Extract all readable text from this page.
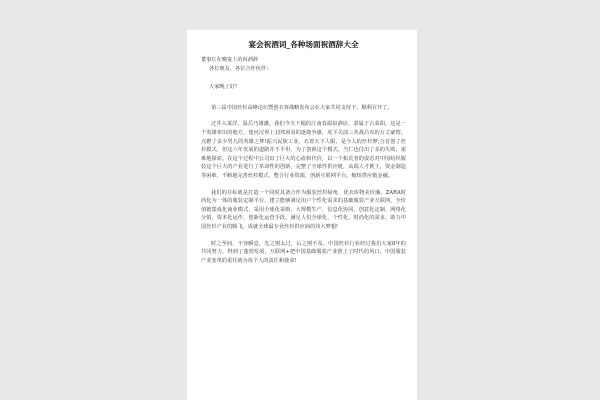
宴会祝酒词_各种场面祝酒辞大全
董事长在晚宴上的祝酒辞
各位朋友、各位合作伙伴：
大家晚上好!

第三届中国丝杉高峰论坛暨创衣客战略发布会在大家共同支持下，顺利召开了。

迁井入菜洋，温岳乃雄藩。我们今天下榻的江南春温泉酒店，隶属于古菜阳，这是一个英雄辈出的地方，楚河汉界上刘邦项羽的逐鹿争雄，虎平关前三英战吕布的万丈豪情，点燃了多少男儿的英雄之梦!振兴民族工业，衣着天下人服，是今人的丝杉梦;合首创了丝杉模式，但这六年发展的道路并不平坦，为了创新这个模式，当仁也付出了多的失败，艰难地探索。在这个过程中公司出了巨大的心血和代价，以一个拓荒者的姿态对中国纺织服装这个巨大的产业进行了革命性的创新，完整了全球性供应链，高端人才挑王，资金制造等困难，不断地完善丝杉模式，整合行业资源，创新互联网平台，缩短供应链金融。

我们的目标就是打造一个同时具备合作为服装丝杉绿角，优衣库物美价廉，ZARA时尚化为一体的服装定制平台，建立能够满足用户个性化需求的基础服装产业互联网，全价值链集成化商业模式，采用全球化采购、大规模生产、信息化协同、创意化定制、网络化分销，资本化运作，创新化运营手段，满足人们全球化、个性化、时尚化的需求，助力中国丝杉产业的腾飞，成就全球最专业丝杉供应商的伟大梦想!

时之至间，不容瞬息，先之则太过，后之则不及。中国丝杉行业经过我们大家8年的共同努力，得到了蓬勃发展，互联网+把中国基础服装产业推上了时代的风口，中国服装产业变革的重任就为每个人的责任和使命!
